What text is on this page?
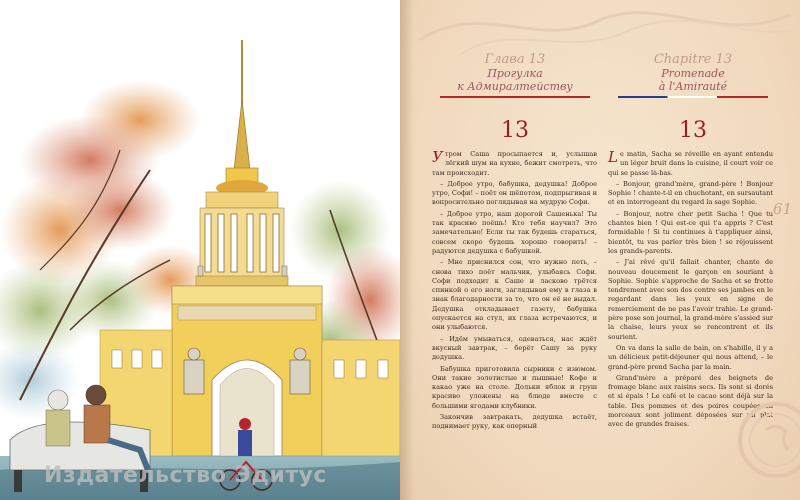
Глава 13
Прогулка
к Адмиралтейству
Chapitre 13
Promenade
à l'Amirauté
13	13

Утром Саша просыпается и, услышав лёгкий шум на кухне, бежит смотреть, что там происходит.

– Доброе утро, бабушка, дедушка! Доброе утро, Софи! – поёт он шёпотом, подпрыгивая и вопросительно поглядывая на мудрую Софи.

– Доброе утро, наш дорогой Сашенька! Ты так красиво поёшь! Кто тебя научил? Это замечательно! Если ты так будешь стараться, совсем скоро будешь хорошо говорить! – радуются дедушка с бабушкой.

– Мне приснился сон, что нужно петь, – снова тихо поёт мальчик, улыбаясь Софи. Софи подходит к Саше и ласково трётся спинкой о его ноги, заглядывая ему в глаза в знак благодарности за то, что он её не выдал. Дедушка откладывает газету, бабушка опускается на стул, их глаза встречаются, и они улыбаются.

– Идём умываться, одеваться, нас ждёт вкусный завтрак, – берёт Сашу за руку дедушка.

Бабушка приготовила сырники с изюмом. Они такие золотистые и пышные! Кофе и какао уже на столе. Дольки яблок и груш красиво уложены на блюде вместе с большими ягодами клубники.

Закончив завтракать, дедушка встаёт, поднимает руку, как оперный

Le matin, Sacha se réveille en ayant entendu un léger bruit dans la cuisine, il court voir ce qui se passe là-bas.

– Bonjour, grand'mère, grand-père ! Bonjour Sophie ! chante-t-il en chuchotant, en sursautant et en interrogeant du regard la sage Sophie.

– Bonjour, notre cher petit Sacha ! Que tu chantes bien ! Qui est-ce qui t'a appris ? C'est formidable ! Si tu continues à t'appliquer ainsi, bientôt, tu vas parler très bien ! se réjouissent les grands-parents.

– J'ai rêvé qu'il fallait chanter, chante de nouveau doucement le garçon en souriant à Sophie. Sophie s'approche de Sacha et se frotte tendrement avec son dos contre ses jambes en le regardant dans les yeux en signe de remerciement de ne pas l'avoir trahie. Le grand-père pose son journal, la grand-mère s'assied sur la chaise, leurs yeux se rencontrent et ils sourient.

On va dans la salle de bain, on s'habille, il y a un délicieux petit-déjeuner qui nous attend, – le grand-père prend Sacha par la main.

Grand'mère a préparé des beignets de fromage blanc aux raisins secs. Ils sont si dorés et si épais ! Le café et le cacao sont déjà sur la table. Des pommes et des poires coupées en morceaux sont joliment déposées sur un plat avec de grandes fraises.

61
Издательство Эдитус
